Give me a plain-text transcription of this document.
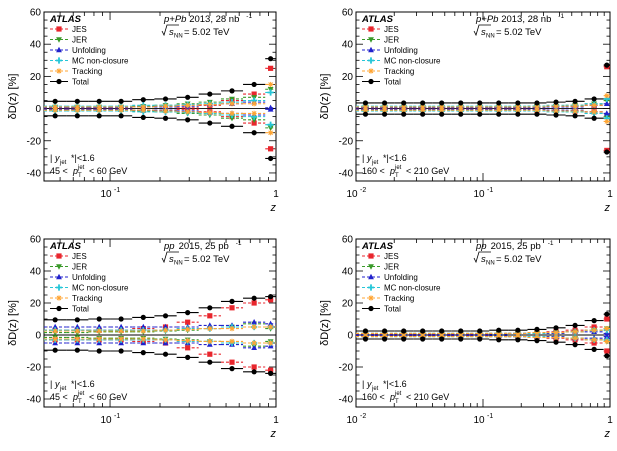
-40
-20
0
20
40
60
10 -1	1
z
δD(z) [%]
ATLAS
JES
JER
Unfolding
MC non-closure
Tracking
Total
p+Pb 2013, 28 nb -1
s NN = 5.02 TeV
| y jet *|<1.6
45 < p jet
T < 60 GeV	-40
-20
0
20
40
60
10 -2	10 -1	1
z
δD(z) [%]
ATLAS
JES
JER
Unfolding
MC non-closure
Tracking
Total
p+Pb 2013, 28 nb -1
s NN = 5.02 TeV
| y jet *|<1.6
160 < p jet
T < 210 GeV
-40
-20
0
20
40
60
10 -1	1
z
δD(z) [%]
ATLAS
JES
JER
Unfolding
MC non-closure
Tracking
Total
pp 2015, 25 pb -1
s NN = 5.02 TeV
| y jet *|<1.6
45 < p jet
T < 60 GeV	-40
-20
0
20
40
60
10 -2	10 -1	1
z
δD(z) [%]
ATLAS
JES
JER
Unfolding
MC non-closure
Tracking
Total
pp 2015, 25 pb -1
s NN = 5.02 TeV
| y jet *|<1.6
160 < p jet
T < 210 GeV
